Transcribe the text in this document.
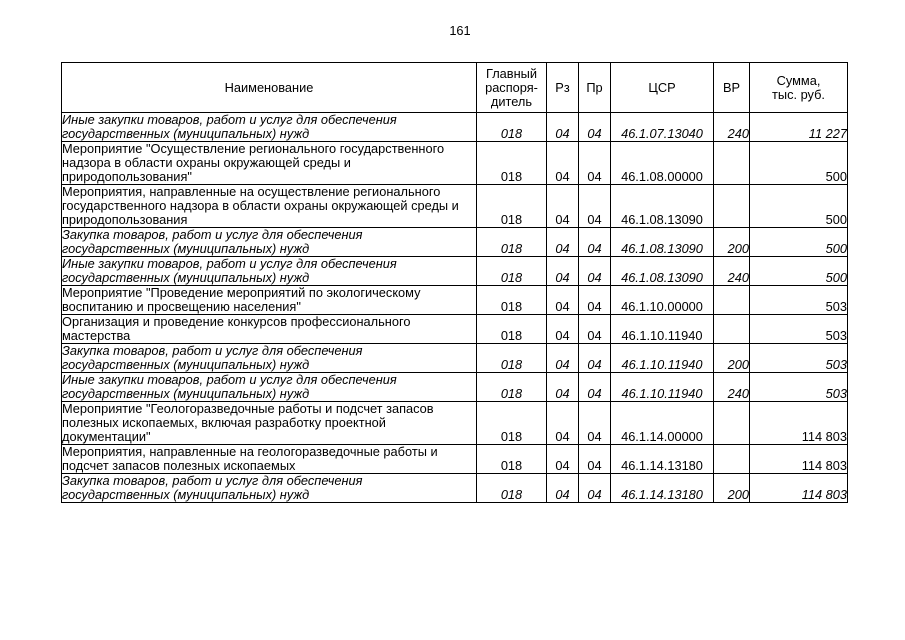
161
Наименование	Главный
распоря-
дитель	Рз	Пр	ЦСР	ВР	Сумма,
тыс. руб.

Иные закупки товаров, работ и услуг для обеспечения
государственных (муниципальных) нужд	018	04	04	46.1.07.13040	240	11 227

Мероприятие "Осуществление регионального государственного
надзора в области охраны окружающей среды и
природопользования"	018	04	04	46.1.08.00000		500

Мероприятия, направленные на осуществление регионального
государственного надзора в области охраны окружающей среды и
природопользования	018	04	04	46.1.08.13090		500

Закупка товаров, работ и услуг для обеспечения
государственных (муниципальных) нужд	018	04	04	46.1.08.13090	200	500

Иные закупки товаров, работ и услуг для обеспечения
государственных (муниципальных) нужд	018	04	04	46.1.08.13090	240	500

Мероприятие "Проведение мероприятий по экологическому
воспитанию и просвещению населения"	018	04	04	46.1.10.00000		503

Организация и проведение конкурсов профессионального
мастерства	018	04	04	46.1.10.11940		503

Закупка товаров, работ и услуг для обеспечения
государственных (муниципальных) нужд	018	04	04	46.1.10.11940	200	503

Иные закупки товаров, работ и услуг для обеспечения
государственных (муниципальных) нужд	018	04	04	46.1.10.11940	240	503

Мероприятие "Геологоразведочные работы и подсчет запасов
полезных ископаемых, включая разработку проектной
документации"	018	04	04	46.1.14.00000		114 803

Мероприятия, направленные на геологоразведочные работы и
подсчет запасов полезных ископаемых	018	04	04	46.1.14.13180		114 803

Закупка товаров, работ и услуг для обеспечения
государственных (муниципальных) нужд	018	04	04	46.1.14.13180	200	114 803
